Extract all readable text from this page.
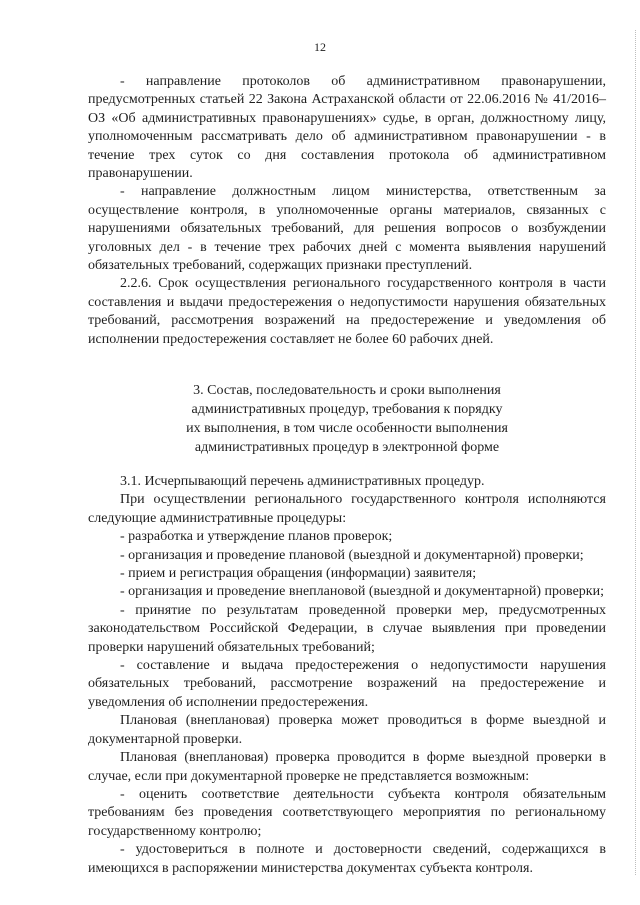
12

- направление протоколов об административном правонарушении, предусмотренных статьей 22 Закона Астраханской области от 22.06.2016 № 41/2016–ОЗ «Об административных правонарушениях» судье, в орган, должностному лицу, уполномоченным рассматривать дело об административном правонарушении - в течение трех суток со дня составления протокола об административном правонарушении.

- направление должностным лицом министерства, ответственным за осуществление контроля, в уполномоченные органы материалов, связанных с нарушениями обязательных требований, для решения вопросов о возбуждении уголовных дел - в течение трех рабочих дней с момента выявления нарушений обязательных требований, содержащих признаки преступлений.

2.2.6. Срок осуществления регионального государственного контроля в части составления и выдачи предостережения о недопустимости нарушения обязательных требований, рассмотрения возражений на предостережение и уведомления об исполнении предостережения составляет не более 60 рабочих дней.

3. Состав, последовательность и сроки выполнения
административных процедур, требования к порядку
их выполнения, в том числе особенности выполнения
административных процедур в электронной форме

3.1. Исчерпывающий перечень административных процедур.

При осуществлении регионального государственного контроля исполняются следующие административные процедуры:

- разработка и утверждение планов проверок;

- организация и проведение плановой (выездной и документарной) проверки;

- прием и регистрация обращения (информации) заявителя;

- организация и проведение внеплановой (выездной и документарной) проверки;

- принятие по результатам проведенной проверки мер, предусмотренных законодательством Российской Федерации, в случае выявления при проведении проверки нарушений обязательных требований;

- составление и выдача предостережения о недопустимости нарушения обязательных требований, рассмотрение возражений на предостережение и уведомления об исполнении предостережения.

Плановая (внеплановая) проверка может проводиться в форме выездной и документарной проверки.

Плановая (внеплановая) проверка проводится в форме выездной проверки в случае, если при документарной проверке не представляется возможным:

- оценить соответствие деятельности субъекта контроля обязательным требованиям без проведения соответствующего мероприятия по региональному государственному контролю;

- удостовериться в полноте и достоверности сведений, содержащихся в имеющихся в распоряжении министерства документах субъекта контроля.
